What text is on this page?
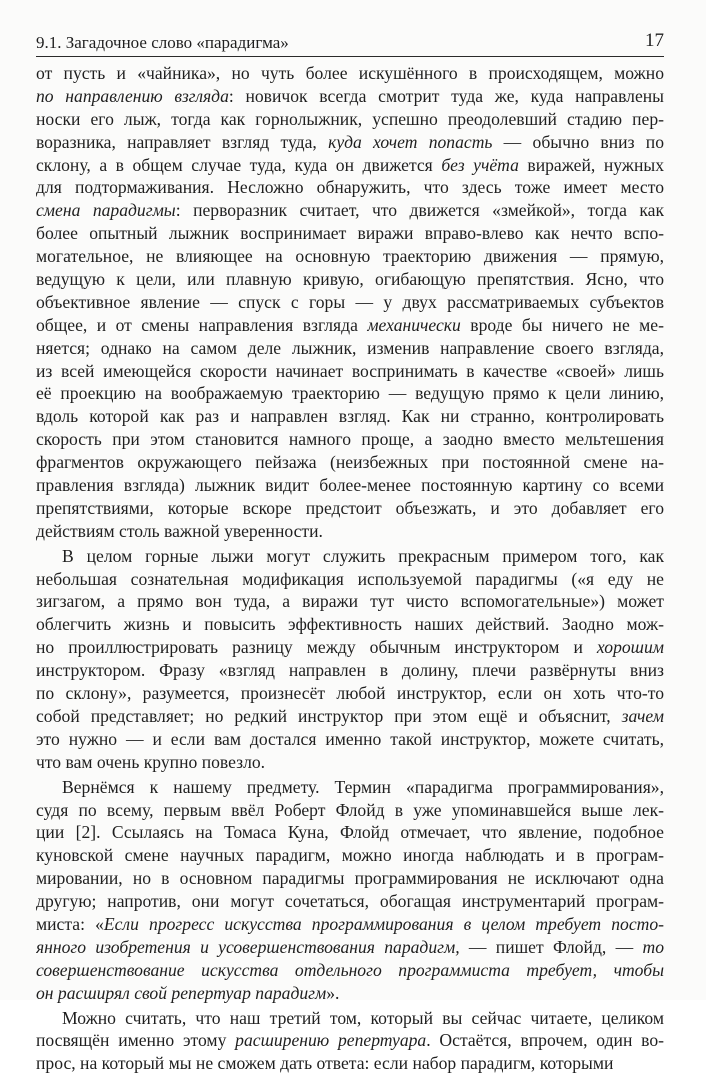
9.1. Загадочное слово «парадигма»	17
от пусть и «чайника», но чуть более искушённого в происходящем, можно
по направлению взгляда: новичок всегда смотрит туда же, куда направлены
носки его лыж, тогда как горнолыжник, успешно преодолевший стадию пер-
воразника, направляет взгляд туда, куда хочет попасть — обычно вниз по
склону, а в общем случае туда, куда он движется без учёта виражей, нужных
для подтормаживания. Несложно обнаружить, что здесь тоже имеет место
смена парадигмы: перворазник считает, что движется «змейкой», тогда как
более опытный лыжник воспринимает виражи вправо-влево как нечто вспо-
могательное, не влияющее на основную траекторию движения — прямую,
ведущую к цели, или плавную кривую, огибающую препятствия. Ясно, что
объективное явление — спуск с горы — у двух рассматриваемых субъектов
общее, и от смены направления взгляда механически вроде бы ничего не ме-
няется; однако на самом деле лыжник, изменив направление своего взгляда,
из всей имеющейся скорости начинает воспринимать в качестве «своей» лишь
её проекцию на воображаемую траекторию — ведущую прямо к цели линию,
вдоль которой как раз и направлен взгляд. Как ни странно, контролировать
скорость при этом становится намного проще, а заодно вместо мельтешения
фрагментов окружающего пейзажа (неизбежных при постоянной смене на-
правления взгляда) лыжник видит более-менее постоянную картину со всеми
препятствиями, которые вскоре предстоит объезжать, и это добавляет его
действиям столь важной уверенности.
В целом горные лыжи могут служить прекрасным примером того, как
небольшая сознательная модификация используемой парадигмы («я еду не
зигзагом, а прямо вон туда, а виражи тут чисто вспомогательные») может
облегчить жизнь и повысить эффективность наших действий. Заодно мож-
но проиллюстрировать разницу между обычным инструктором и хорошим
инструктором. Фразу «взгляд направлен в долину, плечи развёрнуты вниз
по склону», разумеется, произнесёт любой инструктор, если он хоть что-то
собой представляет; но редкий инструктор при этом ещё и объяснит, зачем
это нужно — и если вам достался именно такой инструктор, можете считать,
что вам очень крупно повезло.
Вернёмся к нашему предмету. Термин «парадигма программирования»,
судя по всему, первым ввёл Роберт Флойд в уже упоминавшейся выше лек-
ции [2]. Ссылаясь на Томаса Куна, Флойд отмечает, что явление, подобное
куновской смене научных парадигм, можно иногда наблюдать и в програм-
мировании, но в основном парадигмы программирования не исключают одна
другую; напротив, они могут сочетаться, обогащая инструментарий програм-
миста: «Если прогресс искусства программирования в целом требует посто-
янного изобретения и усовершенствования парадигм, — пишет Флойд, — то
совершенствование искусства отдельного программиста требует, чтобы
он расширял свой репертуар парадигм».
Можно считать, что наш третий том, который вы сейчас читаете, целиком
посвящён именно этому расширению репертуара. Остаётся, впрочем, один во-
прос, на который мы не сможем дать ответа: если набор парадигм, которыми
